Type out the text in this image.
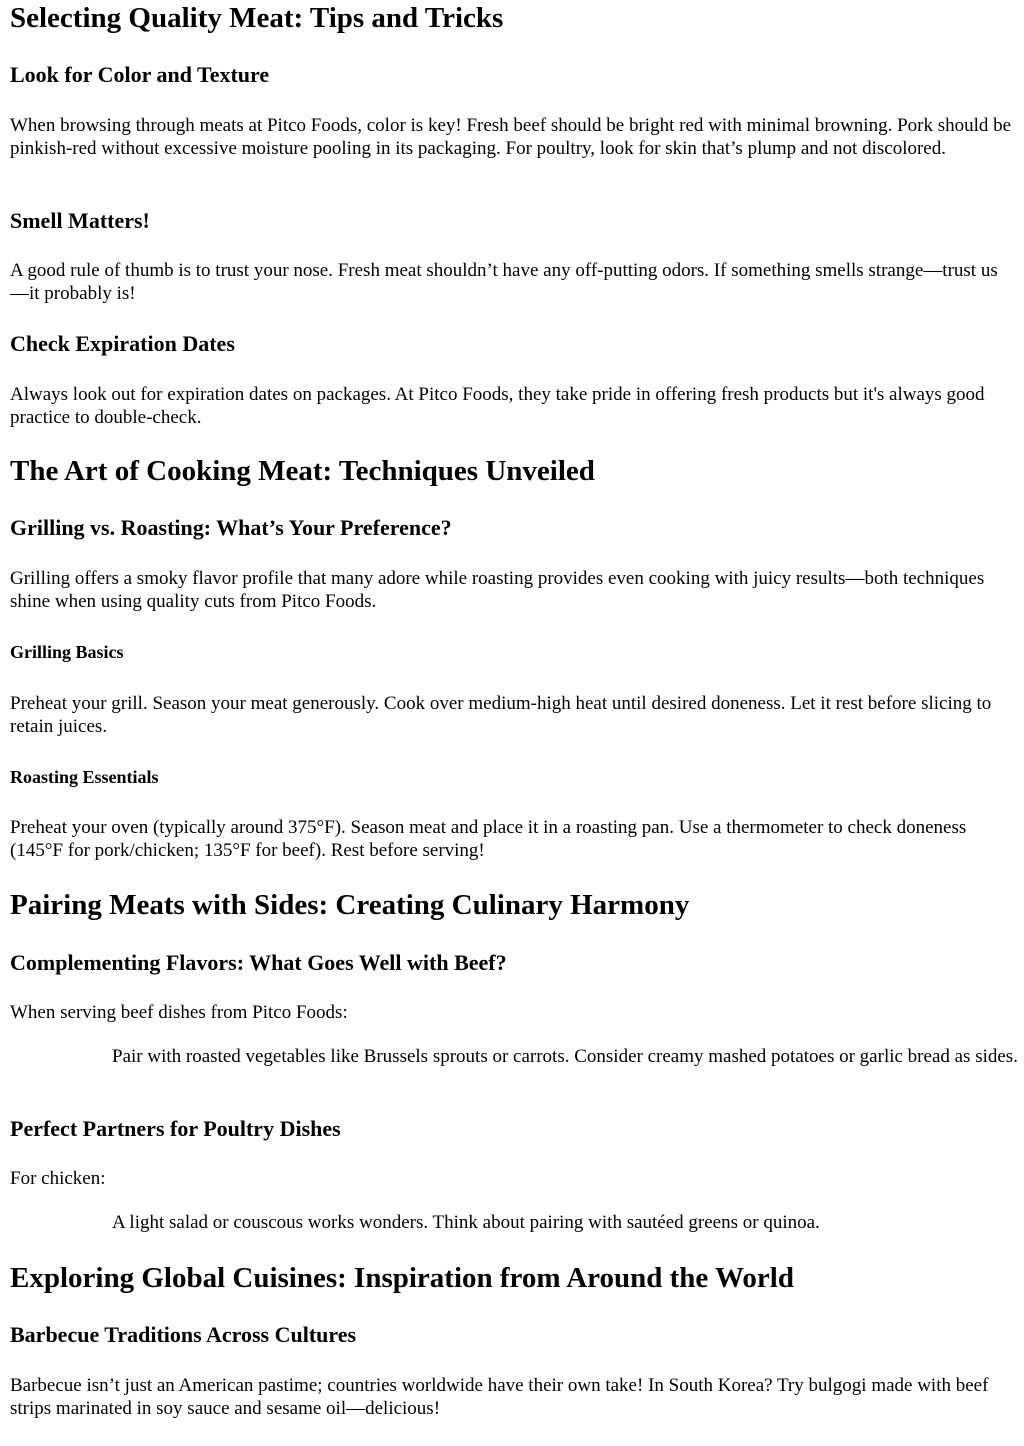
Selecting Quality Meat: Tips and Tricks
Look for Color and Texture

When browsing through meats at Pitco Foods, color is key! Fresh beef should be bright red with minimal browning. Pork should be pinkish-red without excessive moisture pooling in its packaging. For poultry, look for skin that’s plump and not discolored.

Smell Matters!

A good rule of thumb is to trust your nose. Fresh meat shouldn’t have any off-putting odors. If something smells strange—trust us—it probably is!

Check Expiration Dates

Always look out for expiration dates on packages. At Pitco Foods, they take pride in offering fresh products but it's always good practice to double-check.

The Art of Cooking Meat: Techniques Unveiled
Grilling vs. Roasting: What’s Your Preference?

Grilling offers a smoky flavor profile that many adore while roasting provides even cooking with juicy results—both techniques shine when using quality cuts from Pitco Foods.

Grilling Basics

Preheat your grill. Season your meat generously. Cook over medium-high heat until desired doneness. Let it rest before slicing to retain juices.

Roasting Essentials

Preheat your oven (typically around 375°F). Season meat and place it in a roasting pan. Use a thermometer to check doneness (145°F for pork/chicken; 135°F for beef). Rest before serving!

Pairing Meats with Sides: Creating Culinary Harmony
Complementing Flavors: What Goes Well with Beef?

When serving beef dishes from Pitco Foods:

Pair with roasted vegetables like Brussels sprouts or carrots. Consider creamy mashed potatoes or garlic bread as sides.
Perfect Partners for Poultry Dishes

For chicken:

A light salad or couscous works wonders. Think about pairing with sautéed greens or quinoa.
Exploring Global Cuisines: Inspiration from Around the World
Barbecue Traditions Across Cultures

Barbecue isn’t just an American pastime; countries worldwide have their own take! In South Korea? Try bulgogi made with beef strips marinated in soy sauce and sesame oil—delicious!
